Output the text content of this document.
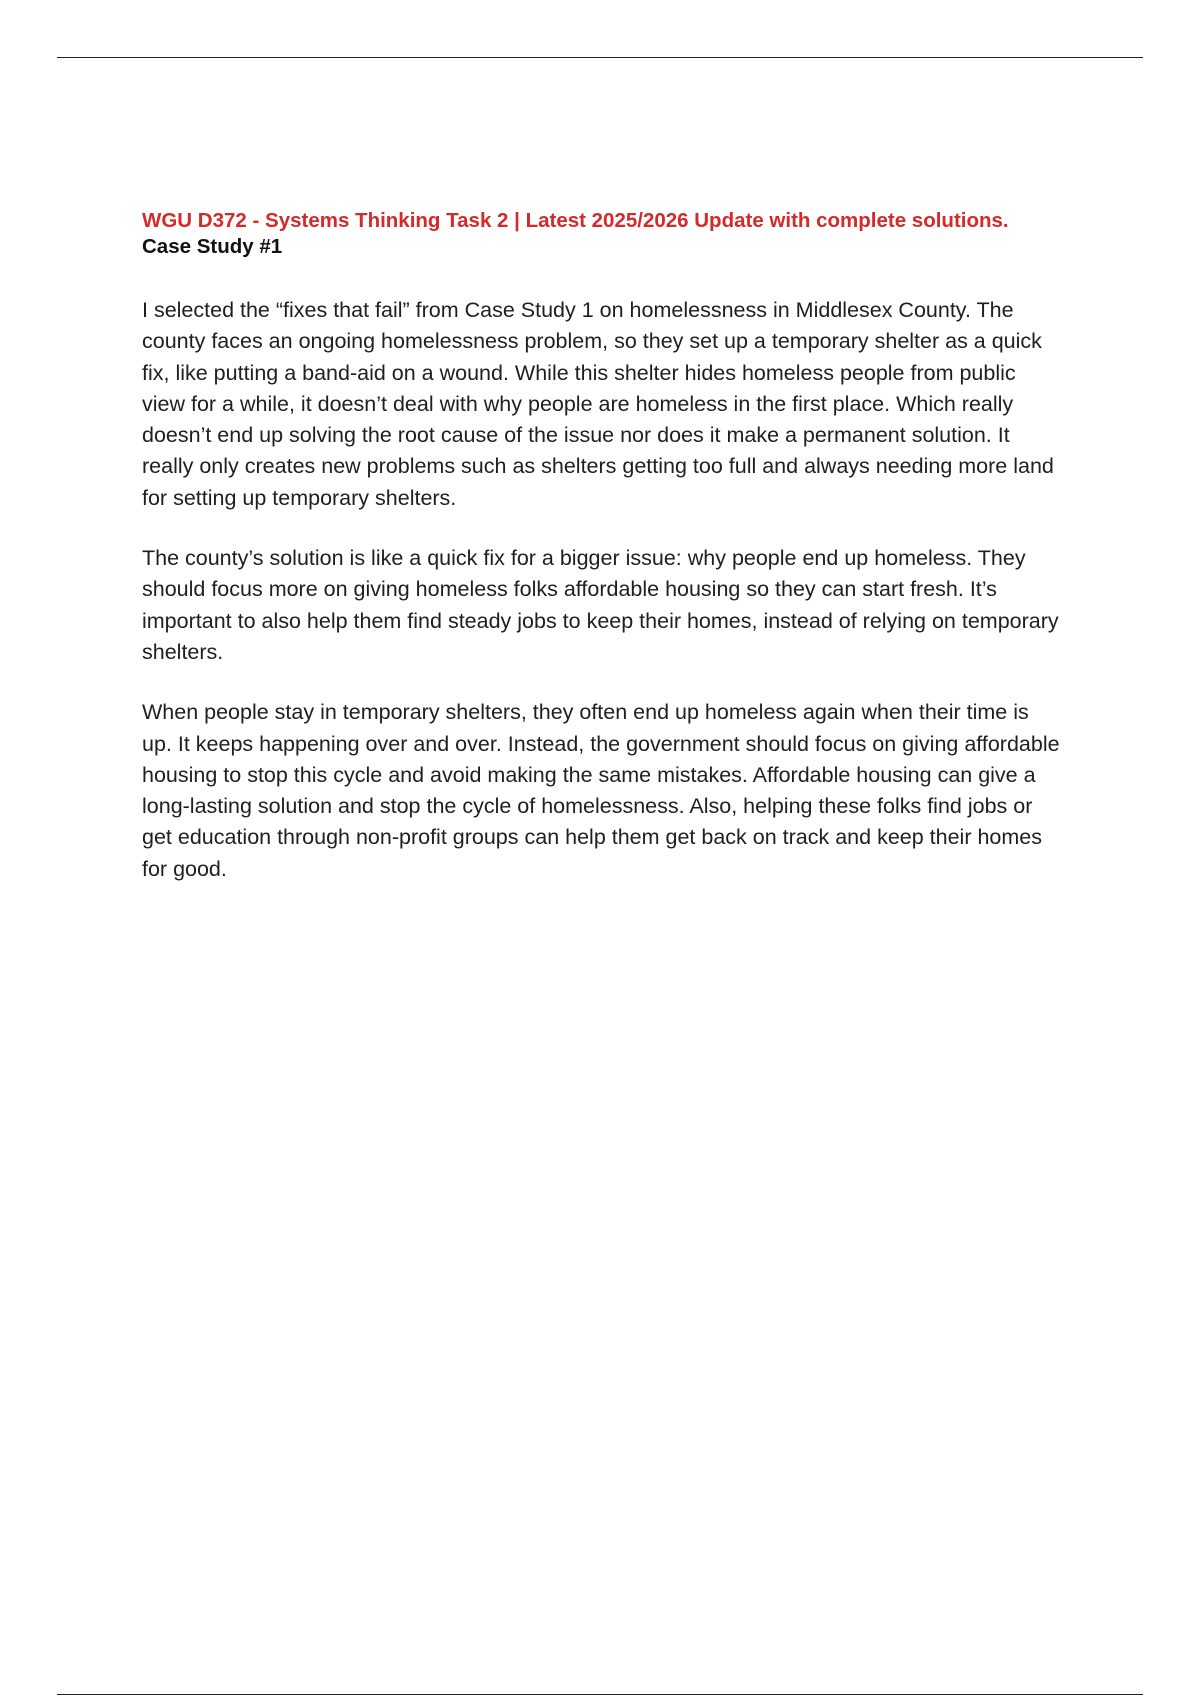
WGU D372 - Systems Thinking Task 2 | Latest 2025/2026 Update with complete solutions.
Case Study #1

I selected the “fixes that fail” from Case Study 1 on homelessness in Middlesex County. The county faces an ongoing homelessness problem, so they set up a temporary shelter as a quick fix, like putting a band-aid on a wound. While this shelter hides homeless people from public view for a while, it doesn’t deal with why people are homeless in the first place. Which really doesn’t end up solving the root cause of the issue nor does it make a permanent solution. It really only creates new problems such as shelters getting too full and always needing more land for setting up temporary shelters.

The county’s solution is like a quick fix for a bigger issue: why people end up homeless. They should focus more on giving homeless folks affordable housing so they can start fresh. It’s important to also help them find steady jobs to keep their homes, instead of relying on temporary shelters.

When people stay in temporary shelters, they often end up homeless again when their time is up. It keeps happening over and over. Instead, the government should focus on giving affordable housing to stop this cycle and avoid making the same mistakes. Affordable housing can give a long-lasting solution and stop the cycle of homelessness. Also, helping these folks find jobs or get education through non-profit groups can help them get back on track and keep their homes for good.
